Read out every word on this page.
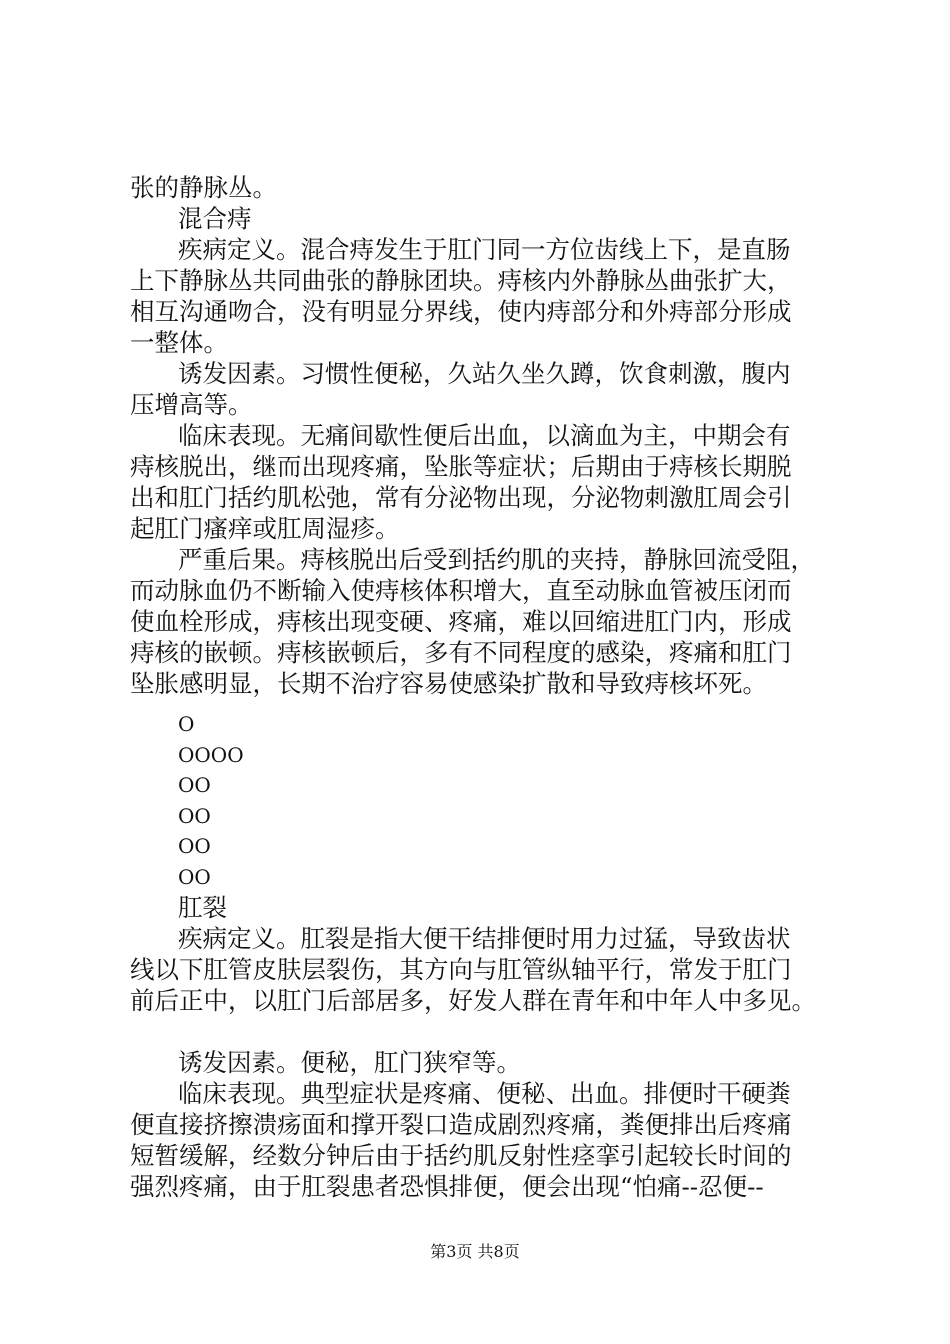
张的静脉丛。
混合痔
疾病定义。混合痔发生于肛门同一方位齿线上下，是直肠
上下静脉丛共同曲张的静脉团块。痔核内外静脉丛曲张扩大，
相互沟通吻合，没有明显分界线，使内痔部分和外痔部分形成
一整体。
诱发因素。习惯性便秘，久站久坐久蹲，饮食刺激，腹内
压增高等。
临床表现。无痛间歇性便后出血，以滴血为主，中期会有
痔核脱出，继而出现疼痛，坠胀等症状；后期由于痔核长期脱
出和肛门括约肌松弛，常有分泌物出现，分泌物刺激肛周会引
起肛门瘙痒或肛周湿疹。
严重后果。痔核脱出后受到括约肌的夹持，静脉回流受阻，
而动脉血仍不断输入使痔核体积增大，直至动脉血管被压闭而
使血栓形成，痔核出现变硬、疼痛，难以回缩进肛门内，形成
痔核的嵌顿。痔核嵌顿后，多有不同程度的感染，疼痛和肛门
坠胀感明显，长期不治疗容易使感染扩散和导致痔核坏死。
O
OOOO
OO
OO
OO
OO
肛裂
疾病定义。肛裂是指大便干结排便时用力过猛，导致齿状
线以下肛管皮肤层裂伤，其方向与肛管纵轴平行，常发于肛门
前后正中，以肛门后部居多，好发人群在青年和中年人中多见。
诱发因素。便秘，肛门狭窄等。
临床表现。典型症状是疼痛、便秘、出血。排便时干硬粪
便直接挤擦溃疡面和撑开裂口造成剧烈疼痛，粪便排出后疼痛
短暂缓解，经数分钟后由于括约肌反射性痉挛引起较长时间的
强烈疼痛，由于肛裂患者恐惧排便，便会出现“怕痛--忍便--
第3页 共8页
